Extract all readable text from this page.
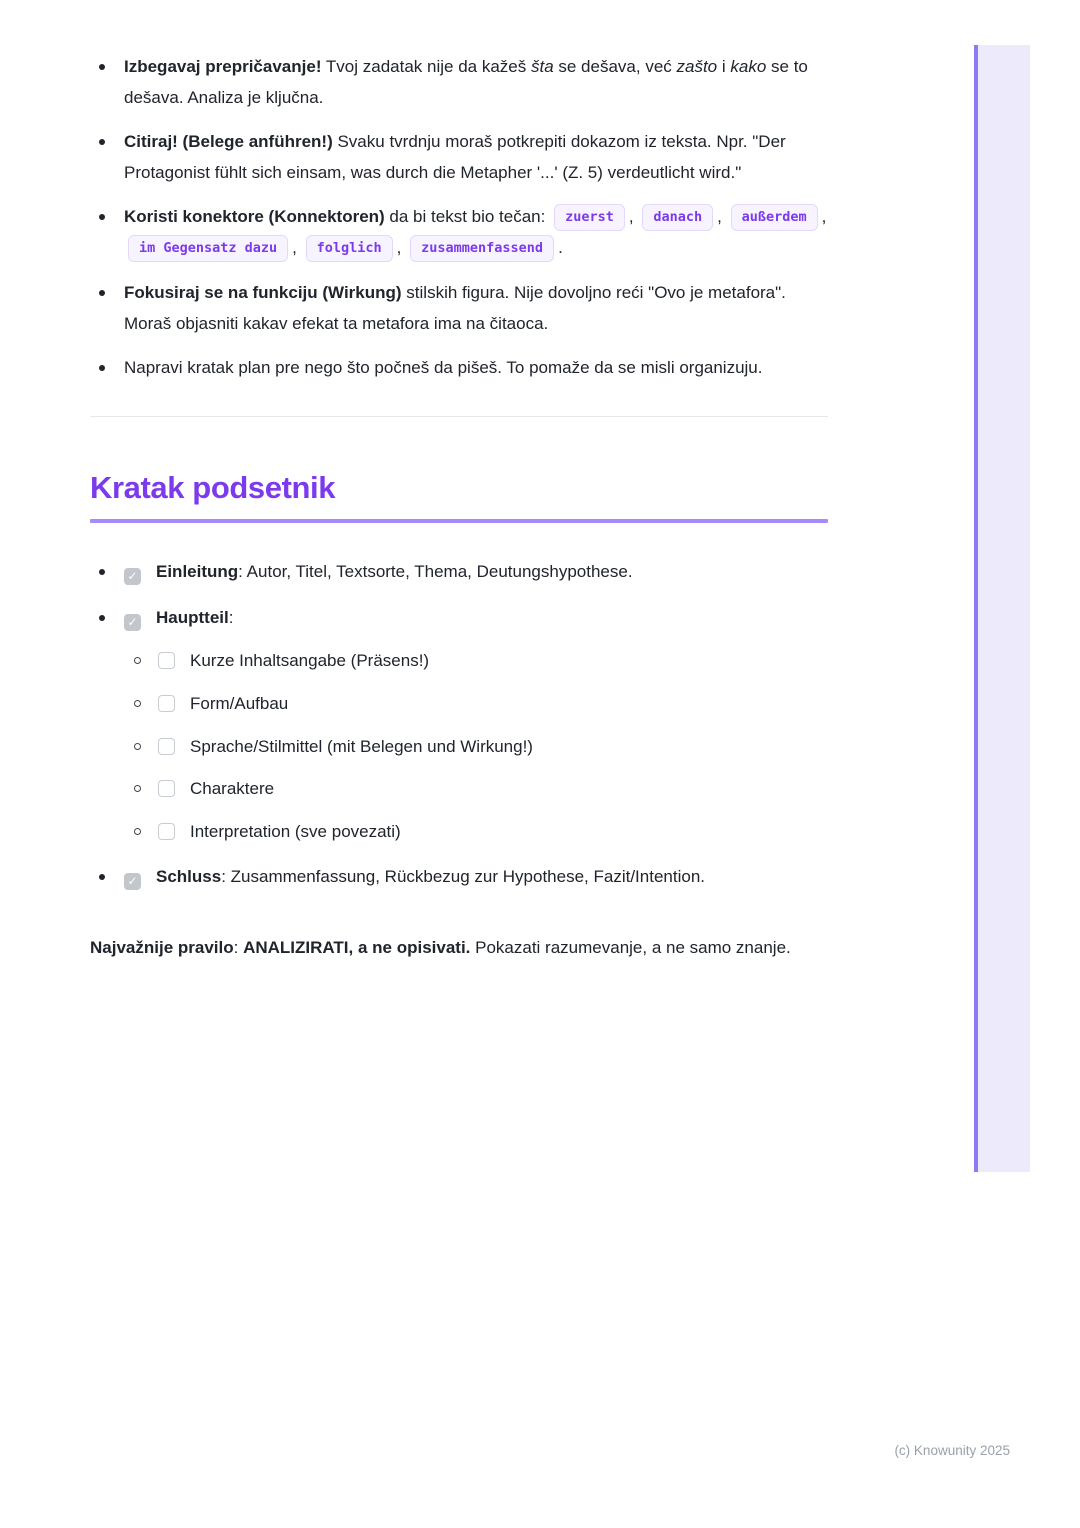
Izbegavaj prepričavanje! Tvoj zadatak nije da kažeš šta se dešava, već zašto i kako se to dešava. Analiza je ključna.
Citiraj! (Belege anführen!) Svaku tvrdnju moraš potkrepiti dokazom iz teksta. Npr. "Der Protagonist fühlt sich einsam, was durch die Metapher '...' (Z. 5) verdeutlicht wird."
Koristi konektore (Konnektoren) da bi tekst bio tečan: zuerst , danach , außerdem , im Gegensatz dazu , folglich , zusammenfassend .
Fokusiraj se na funkciju (Wirkung) stilskih figura. Nije dovoljno reći "Ovo je metafora". Moraš objasniti kakav efekat ta metafora ima na čitaoca.
Napravi kratak plan pre nego što počneš da pišeš. To pomaže da se misli organizuju.
Kratak podsetnik
✓ Einleitung: Autor, Titel, Textsorte, Thema, Deutungshypothese.
✓ Hauptteil:
Kurze Inhaltsangabe (Präsens!)
Form/Aufbau
Sprache/Stilmittel (mit Belegen und Wirkung!)
Charaktere
Interpretation (sve povezati)
✓ Schluss: Zusammenfassung, Rückbezug zur Hypothese, Fazit/Intention.

Najvažnije pravilo: ANALIZIRATI, a ne opisivati. Pokazati razumevanje, a ne samo znanje.

(c) Knowunity 2025
